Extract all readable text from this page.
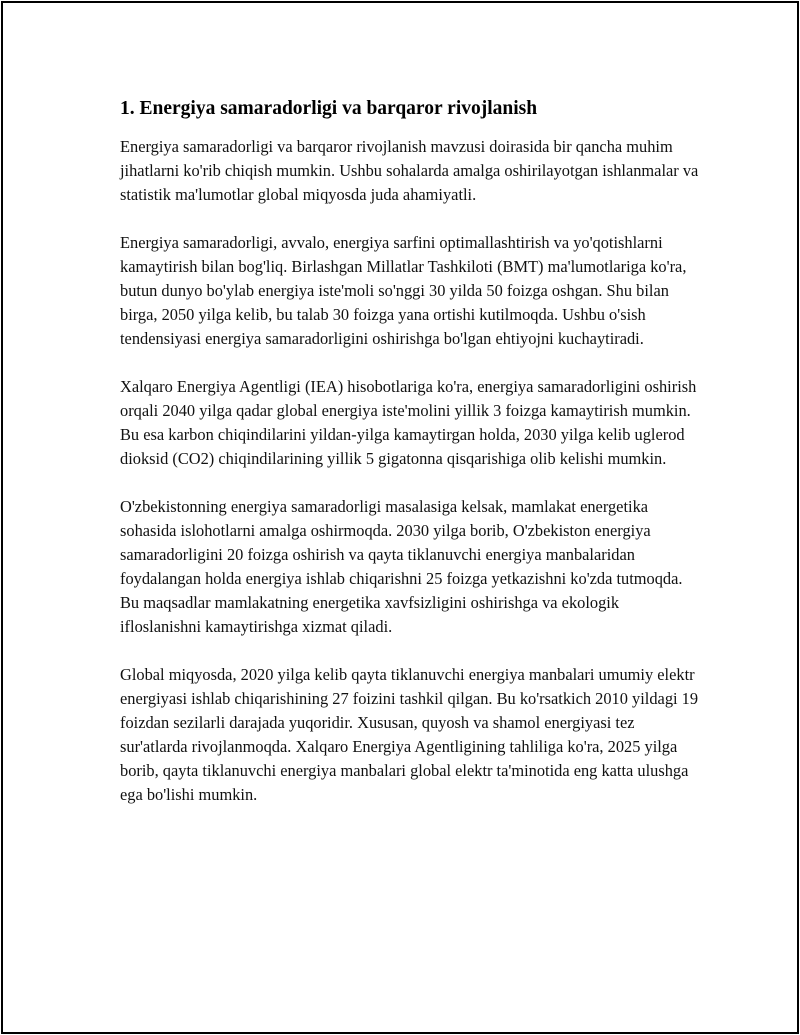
1. Energiya samaradorligi va barqaror rivojlanish

Energiya samaradorligi va barqaror rivojlanish mavzusi doirasida bir qancha muhim jihatlarni ko'rib chiqish mumkin. Ushbu sohalarda amalga oshirilayotgan ishlanmalar va statistik ma'lumotlar global miqyosda juda ahamiyatli.

Energiya samaradorligi, avvalo, energiya sarfini optimallashtirish va yo'qotishlarni kamaytirish bilan bog'liq. Birlashgan Millatlar Tashkiloti (BMT) ma'lumotlariga ko'ra, butun dunyo bo'ylab energiya iste'moli so'nggi 30 yilda 50 foizga oshgan. Shu bilan birga, 2050 yilga kelib, bu talab 30 foizga yana ortishi kutilmoqda. Ushbu o'sish tendensiyasi energiya samaradorligini oshirishga bo'lgan ehtiyojni kuchaytiradi.

Xalqaro Energiya Agentligi (IEA) hisobotlariga ko'ra, energiya samaradorligini oshirish orqali 2040 yilga qadar global energiya iste'molini yillik 3 foizga kamaytirish mumkin. Bu esa karbon chiqindilarini yildan-yilga kamaytirgan holda, 2030 yilga kelib uglerod dioksid (CO2) chiqindilarining yillik 5 gigatonna qisqarishiga olib kelishi mumkin.

O'zbekistonning energiya samaradorligi masalasiga kelsak, mamlakat energetika sohasida islohotlarni amalga oshirmoqda. 2030 yilga borib, O'zbekiston energiya samaradorligini 20 foizga oshirish va qayta tiklanuvchi energiya manbalaridan foydalangan holda energiya ishlab chiqarishni 25 foizga yetkazishni ko'zda tutmoqda. Bu maqsadlar mamlakatning energetika xavfsizligini oshirishga va ekologik ifloslanishni kamaytirishga xizmat qiladi.

Global miqyosda, 2020 yilga kelib qayta tiklanuvchi energiya manbalari umumiy elektr energiyasi ishlab chiqarishining 27 foizini tashkil qilgan. Bu ko'rsatkich 2010 yildagi 19 foizdan sezilarli darajada yuqoridir. Xususan, quyosh va shamol energiyasi tez sur'atlarda rivojlanmoqda. Xalqaro Energiya Agentligining tahliliga ko'ra, 2025 yilga borib, qayta tiklanuvchi energiya manbalari global elektr ta'minotida eng katta ulushga ega bo'lishi mumkin.
